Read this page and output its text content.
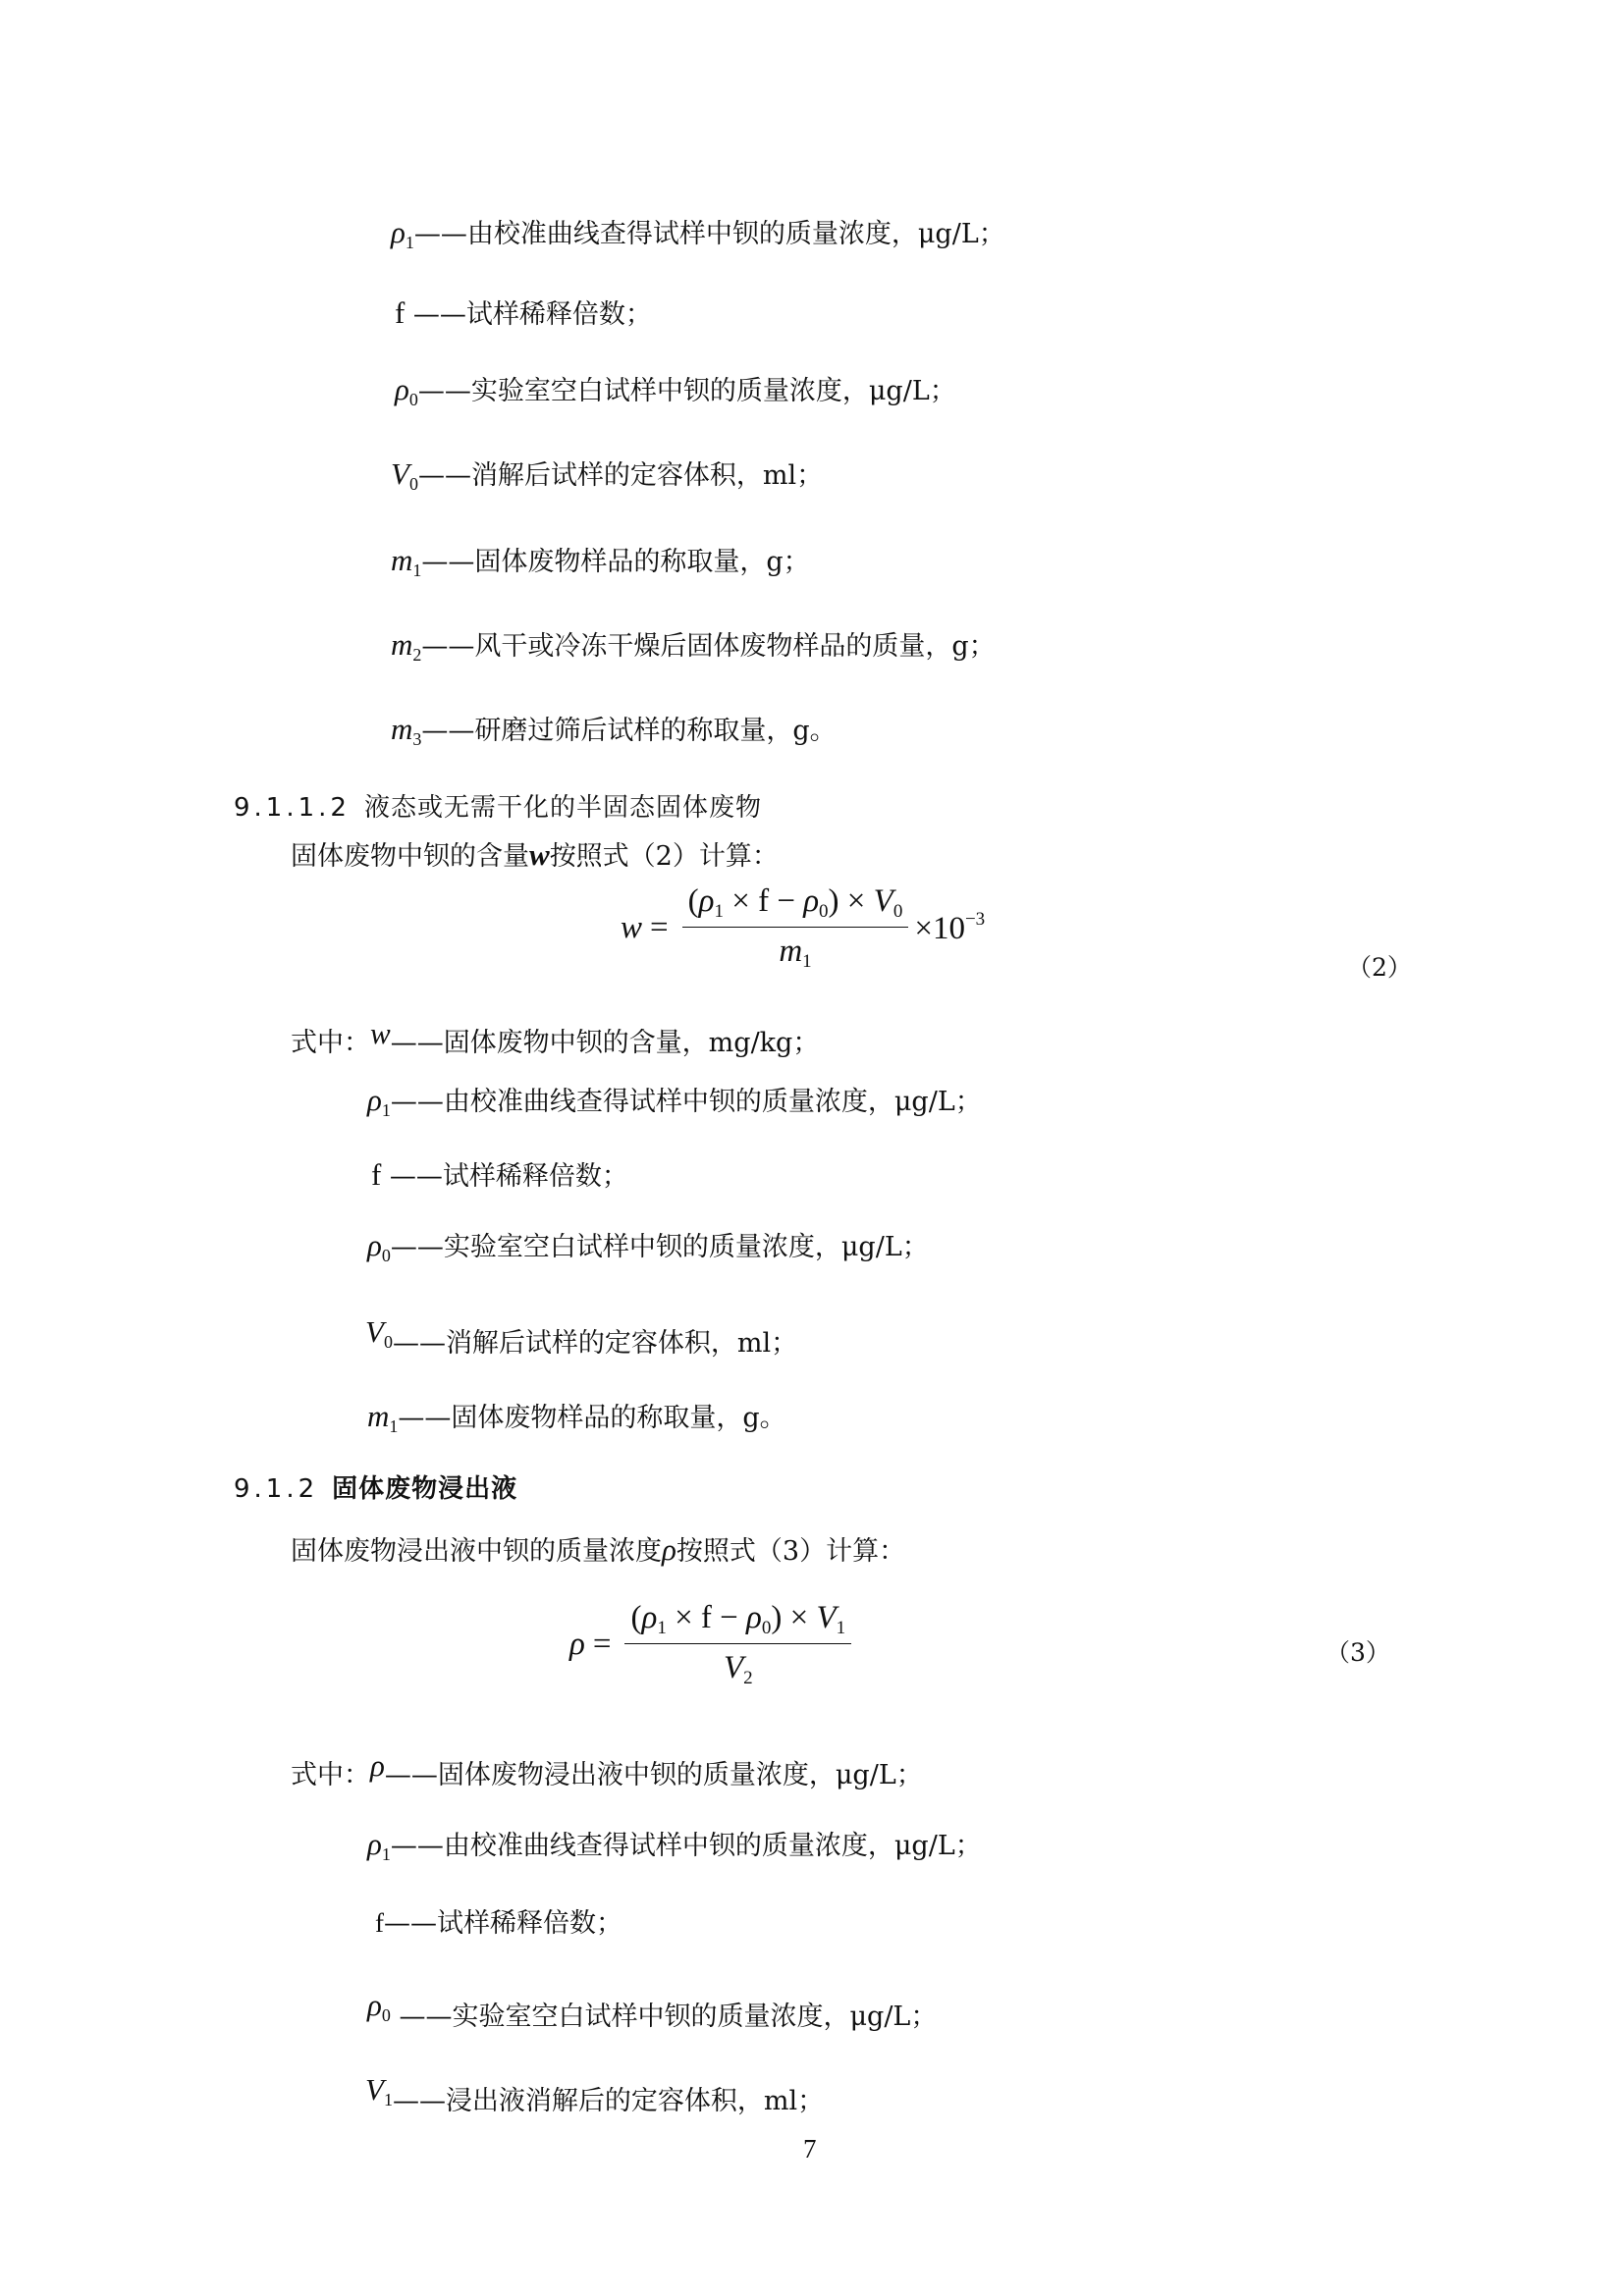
$\rho_1——$由校准曲线查得试样中钡的质量浓度，μg/L；
f ——试样稀释倍数；
$\rho_0——$实验室空白试样中钡的质量浓度，μg/L；
$V_0——$消解后试样的定容体积，ml；
$m_1——$固体废物样品的称取量，g；
$m_2——$风干或冷冻干燥后固体废物样品的质量，g；
$m_3——$研磨过筛后试样的称取量，g。
9.1.1.2 液态或无需干化的半固态固体废物
固体废物中钡的含量w按照式（2）计算：
$w = \frac{(\rho_1 \times f - \rho_0) \times V_0}{m_1} \times 10^{-3}$
（2）
式中：w——固体废物中钡的含量，mg/kg；
$\rho_1——$由校准曲线查得试样中钡的质量浓度，μg/L；
f ——试样稀释倍数；
$\rho_0——$实验室空白试样中钡的质量浓度，μg/L；
$V_0——$消解后试样的定容体积，ml；
$m_1——$固体废物样品的称取量，g。
9.1.2 固体废物浸出液
固体废物浸出液中钡的质量浓度ρ按照式（3）计算：
$\rho = \frac{(\rho_1 \times f - \rho_0) \times V_1}{V_2}$	（3）
式中：ρ——固体废物浸出液中钡的质量浓度，μg/L；
$\rho_1——$由校准曲线查得试样中钡的质量浓度，μg/L；
f——试样稀释倍数；
$\rho_0$ ——实验室空白试样中钡的质量浓度，μg/L；
$V_1——$浸出液消解后的定容体积，ml；
7
